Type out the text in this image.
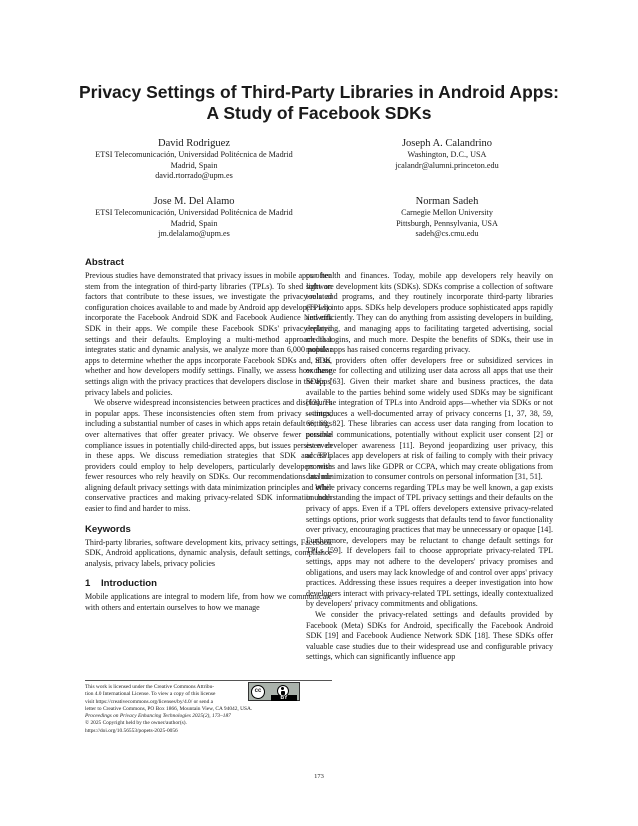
Privacy Settings of Third-Party Libraries in Android Apps:
A Study of Facebook SDKs
David Rodriguez
ETSI Telecomunicación, Universidad Politécnica de Madrid
Madrid, Spain
david.rtorrado@upm.es
Joseph A. Calandrino
Washington, D.C., USA
jcalandr@alumni.princeton.edu
Jose M. Del Alamo
ETSI Telecomunicación, Universidad Politécnica de Madrid
Madrid, Spain
jm.delalamo@upm.es
Norman Sadeh
Carnegie Mellon University
Pittsburgh, Pennsylvania, USA
sadeh@cs.cmu.edu
Abstract

Previous studies have demonstrated that privacy issues in mobile apps often stem from the integration of third-party libraries (TPLs). To shed light on factors that contribute to these issues, we investigate the privacy-related configuration choices available to and made by Android app developers who incorporate the Facebook Android SDK and Facebook Audience Network SDK in their apps. We compile these Facebook SDKs' privacy-related settings and their defaults. Employing a multi-method approach that integrates static and dynamic analysis, we analyze more than 6,000 popular apps to determine whether the apps incorporate Facebook SDKs and, if so, whether and how developers modify settings. Finally, we assess how these settings align with the privacy practices that developers disclose in the apps' privacy labels and policies.

We observe widespread inconsistencies between practices and disclosures in popular apps. These inconsistencies often stem from privacy settings, including a substantial number of cases in which apps retain default settings over alternatives that offer greater privacy. We observe fewer possible compliance issues in potentially child-directed apps, but issues persist even in these apps. We discuss remediation strategies that SDK and TPL providers could employ to help developers, particularly developers with fewer resources who rely heavily on SDKs. Our recommendations include aligning default privacy settings with data minimization principles and other conservative practices and making privacy-related SDK information both easier to find and harder to miss.

Keywords

Third-party libraries, software development kits, privacy settings, Facebook SDK, Android applications, dynamic analysis, default settings, compliance analysis, privacy labels, privacy policies

1 Introduction

Mobile applications are integral to modern life, from how we communicate with others and entertain ourselves to how we manage

This work is licensed under the Creative Commons Attribu-
tion 4.0 International License. To view a copy of this license
visit https://creativecommons.org/licenses/by/4.0/ or send a
letter to Creative Commons, PO Box 1866, Mountain View, CA 94042, USA.
Proceedings on Privacy Enhancing Technologies 2025(2), 173–187
© 2025 Copyright held by the owner/author(s).
https://doi.org/10.56553/popets-2025-0056
cc
BY

our health and finances. Today, mobile app developers rely heavily on software development kits (SDKs). SDKs comprise a collection of software tools and programs, and they routinely incorporate third-party libraries (TPLs) into apps. SDKs help developers produce sophisticated apps rapidly and efficiently. They can do anything from assisting developers in building, deploying, and managing apps to facilitating targeted advertising, social media logins, and much more. Despite the benefits of SDKs, their use in mobile apps has raised concerns regarding privacy.

SDK providers often offer developers free or subsidized services in exchange for collecting and utilizing user data across all apps that use their SDKs [63]. Given their market share and business practices, the data available to the parties behind some widely used SDKs may be significant [63]. The integration of TPLs into Android apps—whether via SDKs or not—introduces a well-documented array of privacy concerns [1, 37, 38, 59, 66, 68, 82]. These libraries can access user data ranging from location to personal communications, potentially without explicit user consent [2] or even developer awareness [11]. Beyond jeopardizing user privacy, this access places app developers at risk of failing to comply with their privacy promises and laws like GDPR or CCPA, which may create obligations from data minimization to consumer controls on personal information [31, 51].

While privacy concerns regarding TPLs may be well known, a gap exists in understanding the impact of TPL privacy settings and their defaults on the privacy of apps. Even if a TPL offers developers extensive privacy-related settings options, prior work suggests that defaults tend to favor functionality over privacy, encouraging practices that may be unnecessary or opaque [14]. Furthermore, developers may be reluctant to change default settings for TPLs [59]. If developers fail to choose appropriate privacy-related TPL settings, apps may not adhere to the developers' privacy promises and obligations, and users may lack knowledge of and control over apps' privacy practices. Addressing these issues requires a deeper investigation into how developers interact with privacy-related TPL settings, ideally contextualized by developers' privacy commitments and obligations.

We consider the privacy-related settings and defaults provided by Facebook (Meta) SDKs for Android, specifically the Facebook Android SDK [19] and Facebook Audience Network SDK [18]. These SDKs offer valuable case studies due to their widespread use and configurable privacy settings, which can significantly influence app

173
